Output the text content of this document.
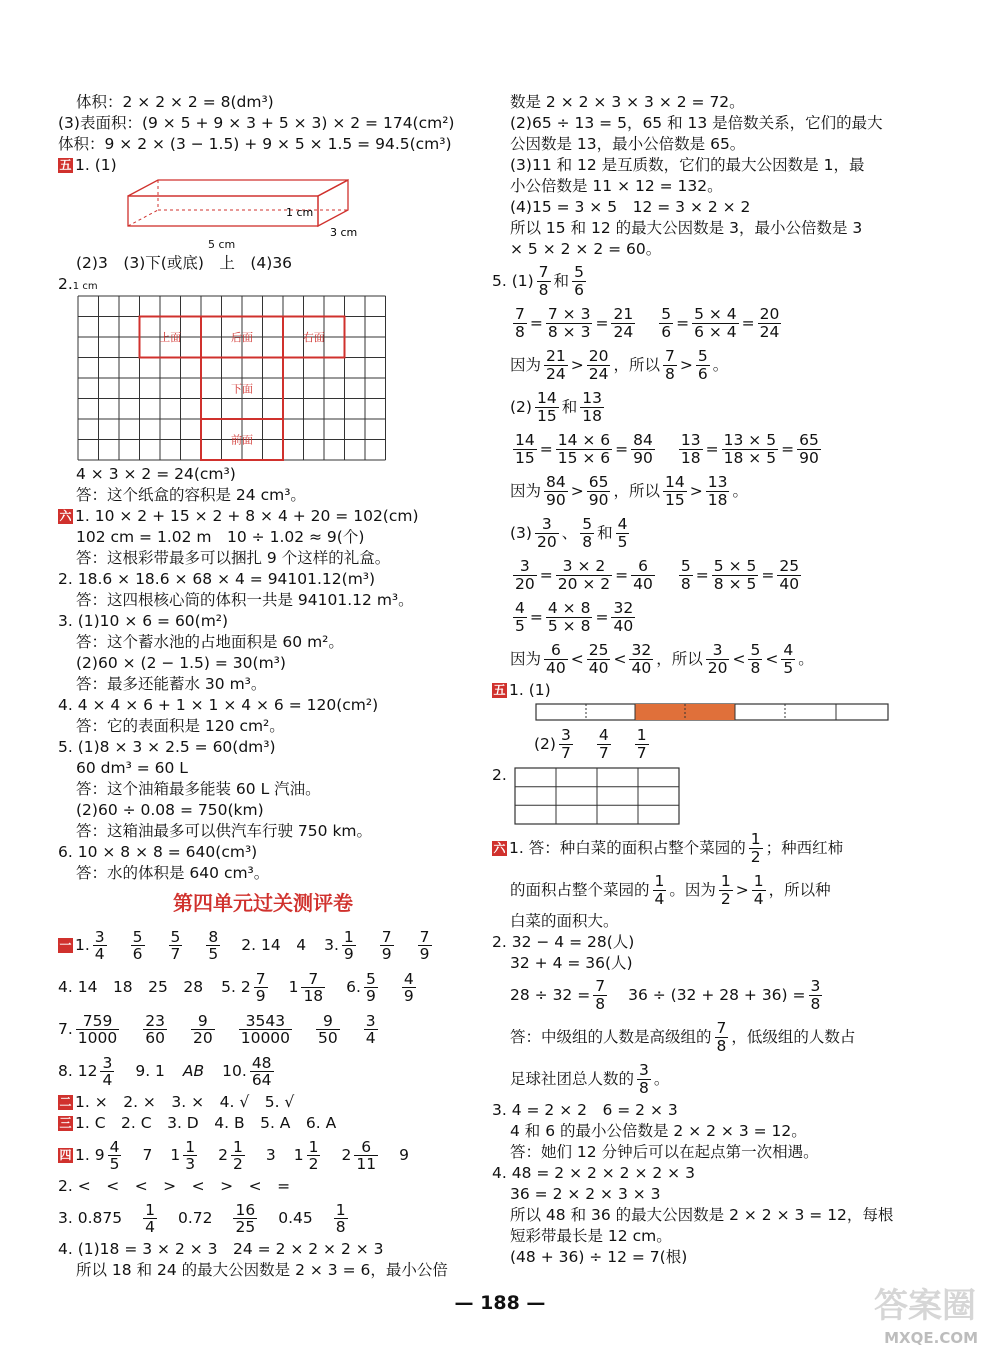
体积：2 × 2 × 2 = 8(dm³)
(3)表面积：(9 × 5 + 9 × 3 + 5 × 3) × 2 = 174(cm²)
体积：9 × 2 × (3 − 1.5) + 9 × 5 × 1.5 = 94.5(cm³)
五 1. (1)
1 cm
3 cm
5 cm
(2)3　(3)下(或底)　上　(4)36
2.1 cm
上面	后面	右面
下面
前面
4 × 3 × 2 = 24(cm³)
答：这个纸盒的容积是 24 cm³。
六 1. 10 × 2 + 15 × 2 + 8 × 4 + 20 = 102(cm)
102 cm = 1.02 m　10 ÷ 1.02 ≈ 9(个)
答：这根彩带最多可以捆扎 9 个这样的礼盒。
2. 18.6 × 18.6 × 68 × 4 = 94101.12(m³)
答：这四根核心筒的体积一共是 94101.12 m³。
3. (1)10 × 6 = 60(m²)
答：这个蓄水池的占地面积是 60 m²。
(2)60 × (2 − 1.5) = 30(m³)
答：最多还能蓄水 30 m³。
4. 4 × 4 × 6 + 1 × 1 × 4 × 6 = 120(cm²)
答：它的表面积是 120 cm²。
5. (1)8 × 3 × 2.5 = 60(dm³)
60 dm³ = 60 L
答：这个油箱最多能装 60 L 汽油。
(2)60 ÷ 0.08 = 750(km)
答：这箱油最多可以供汽车行驶 750 km。
6. 10 × 8 × 8 = 640(cm³)
答：水的体积是 640 cm³。
第四单元过关测评卷
一 1. $\frac{3}{4} \frac{5}{6} \frac{5}{7} \frac{8}{5} 2$. 14　4 3. $\frac{1}{9} \frac{7}{9} \frac{7}{9}$
4. 14　18　25　28 5. $2 \frac{7}{9} 1 \frac{7}{18} 6$. $\frac{5}{9} \frac{4}{9}$
7. $\frac{759}{1000} \frac{23}{60} \frac{9}{20} \frac{3543}{10000} \frac{9}{50} \frac{3}{4}$
8. $12 \frac{3}{4} 9$. 1 AB 10. $\frac{48}{64}$
二 1. ×　2. ×　3. ×　4. √　5. √
三 1. C　2. C　3. D　4. B　5. A　6. A
四 1. $9 \frac{4}{5} 7$ $1 \frac{1}{3} 2 \frac{1}{2} 3$ $1 \frac{1}{2} 2 \frac{6}{11} 9$
2. <　<　<　>　<　>　<　=
3. $0.875 \frac{1}{4} 0.72 \frac{16}{25} 0.45 \frac{1}{8}$
4. (1)18 = 3 × 2 × 3　24 = 2 × 2 × 2 × 3
所以 18 和 24 的最大公因数是 2 × 3 = 6，最小公倍
数是 2 × 2 × 3 × 3 × 2 = 72。
(2)65 ÷ 13 = 5，65 和 13 是倍数关系，它们的最大
公因数是 13，最小公倍数是 65。
(3)11 和 12 是互质数，它们的最大公因数是 1，最
小公倍数是 11 × 12 = 132。
(4)15 = 3 × 5　12 = 3 × 2 × 2
所以 15 和 12 的最大公因数是 3，最小公倍数是 3
× 5 × 2 × 2 = 60。
5. $(1) \frac{7}{8}$ 和 $\frac{5}{6}$
$\frac{7}{8} = \frac{7 \times 3}{8 \times 3} = \frac{21}{24} \frac{5}{6} = \frac{5 \times 4}{6 \times 4} = \frac{20}{24}$
因为 $\frac{21}{24} > \frac{20}{24}$ ，所以 $\frac{7}{8} > \frac{5}{6}$ 。
$(2) \frac{14}{15}$ 和 $\frac{13}{18}$
$\frac{14}{15} = \frac{14 \times 6}{15 \times 6} = \frac{84}{90} \frac{13}{18} = \frac{13 \times 5}{18 \times 5} = \frac{65}{90}$
因为 $\frac{84}{90} > \frac{65}{90}$ ，所以 $\frac{14}{15} > \frac{13}{18}$ 。
$(3) \frac{3}{20}$ 、 $\frac{5}{8}$ 和 $\frac{4}{5}$
$\frac{3}{20} = \frac{3 \times 2}{20 \times 2} = \frac{6}{40} \frac{5}{8} = \frac{5 \times 5}{8 \times 5} = \frac{25}{40}$
$\frac{4}{5} = \frac{4 \times 8}{5 \times 8} = \frac{32}{40}$
因为 $\frac{6}{40} < \frac{25}{40} < \frac{32}{40}$ ，所以 $\frac{3}{20} < \frac{5}{8} < \frac{4}{5}$ 。
五 1. (1)
$(2) \frac{3}{7} \frac{4}{7} \frac{1}{7}$
2.
六 1. 答：种白菜的面积占整个菜园的 $\frac{1}{2}$ ；种西红柿
的面积占整个菜园的 $\frac{1}{4}$ 。因为 $\frac{1}{2} > \frac{1}{4}$ ，所以种
白菜的面积大。
2. 32 − 4 = 28(人)
32 + 4 = 36(人)
$28 \div 32 = \frac{7}{8} 36 \div (32 + 28 + 36) = \frac{3}{8}$
答：中级组的人数是高级组的 $\frac{7}{8}$ ，低级组的人数占
足球社团总人数的 $\frac{3}{8}$ 。
3. 4 = 2 × 2　6 = 2 × 3
4 和 6 的最小公倍数是 2 × 2 × 3 = 12。
答：她们 12 分钟后可以在起点第一次相遇。
4. 48 = 2 × 2 × 2 × 2 × 3
36 = 2 × 2 × 3 × 3
所以 48 和 36 的最大公因数是 2 × 2 × 3 = 12，每根
短彩带最长是 12 cm。
(48 + 36) ÷ 12 = 7(根)
— 188 —	答案圈
MXQE.COM
